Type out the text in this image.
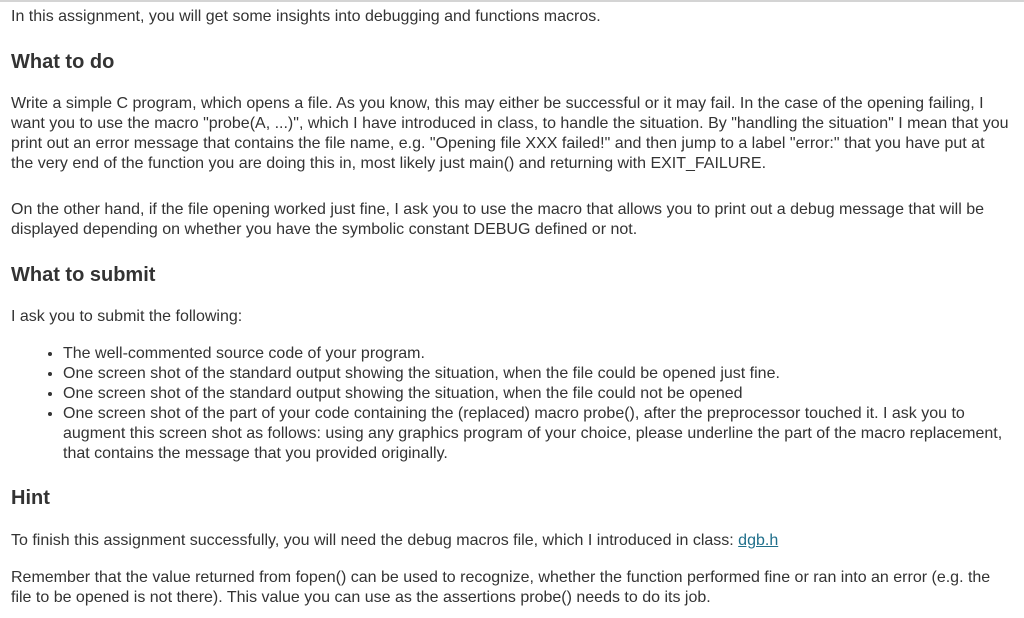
In this assignment, you will get some insights into debugging and functions macros.

What to do

Write a simple C program, which opens a file. As you know, this may either be successful or it may fail. In the case of the opening failing, I want you to use the macro "probe(A, ...)", which I have introduced in class, to handle the situation. By "handling the situation" I mean that you print out an error message that contains the file name, e.g. "Opening file XXX failed!" and then jump to a label "error:" that you have put at the very end of the function you are doing this in, most likely just main() and returning with EXIT_FAILURE.

On the other hand, if the file opening worked just fine, I ask you to use the macro that allows you to print out a debug message that will be displayed depending on whether you have the symbolic constant DEBUG defined or not.

What to submit

I ask you to submit the following:

• The well-commented source code of your program.
• One screen shot of the standard output showing the situation, when the file could be opened just fine.
• One screen shot of the standard output showing the situation, when the file could not be opened
• One screen shot of the part of your code containing the (replaced) macro probe(), after the preprocessor touched it. I ask you to augment this screen shot as follows: using any graphics program of your choice, please underline the part of the macro replacement, that contains the message that you provided originally.
Hint

To finish this assignment successfully, you will need the debug macros file, which I introduced in class: dgb.h

Remember that the value returned from fopen() can be used to recognize, whether the function performed fine or ran into an error (e.g. the file to be opened is not there). This value you can use as the assertions probe() needs to do its job.
